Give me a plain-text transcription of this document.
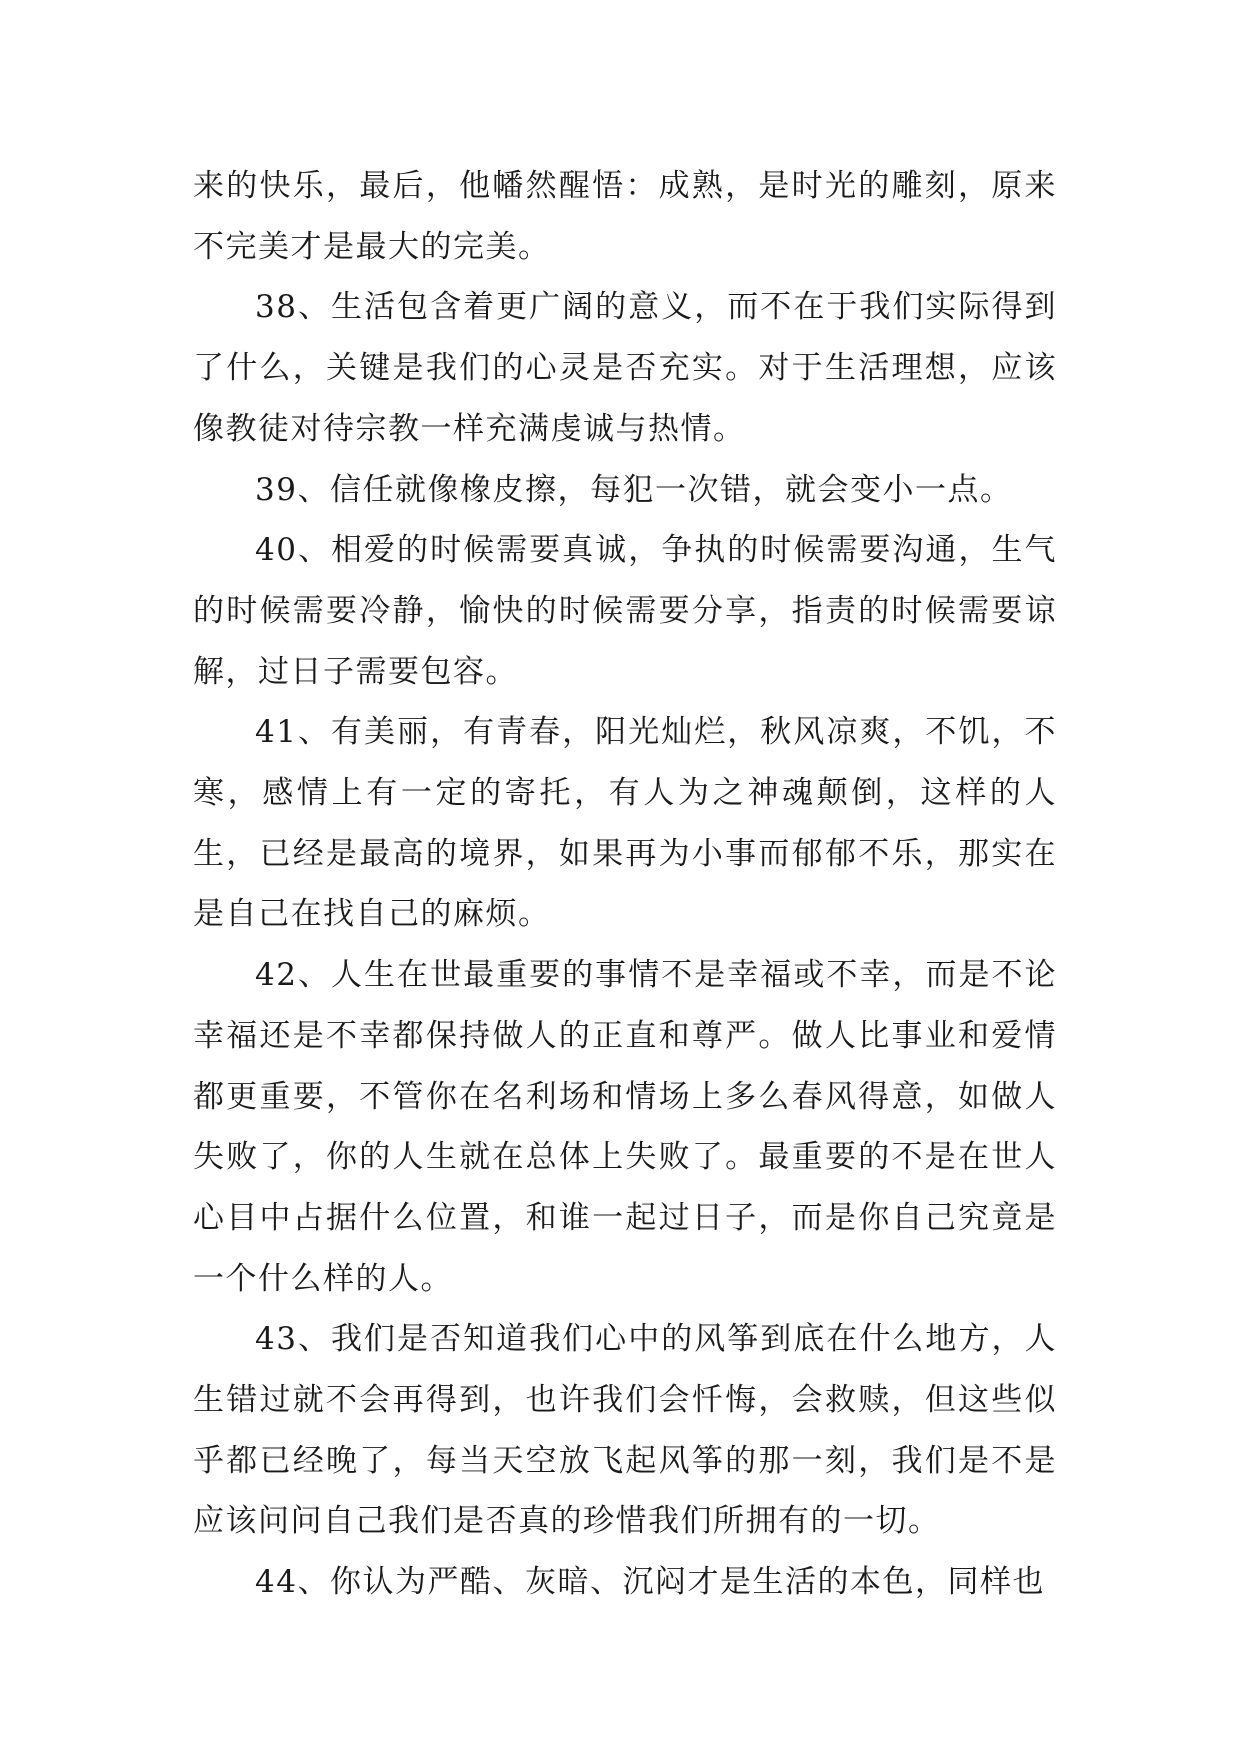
来的快乐，最后，他幡然醒悟：成熟，是时光的雕刻，原来不完美才是最大的完美。

38、生活包含着更广阔的意义，而不在于我们实际得到了什么，关键是我们的心灵是否充实。对于生活理想，应该像教徒对待宗教一样充满虔诚与热情。

39、信任就像橡皮擦，每犯一次错，就会变小一点。

40、相爱的时候需要真诚，争执的时候需要沟通，生气的时候需要冷静，愉快的时候需要分享，指责的时候需要谅解，过日子需要包容。

41、有美丽，有青春，阳光灿烂，秋风凉爽，不饥，不寒，感情上有一定的寄托，有人为之神魂颠倒，这样的人生，已经是最高的境界，如果再为小事而郁郁不乐，那实在是自己在找自己的麻烦。

42、人生在世最重要的事情不是幸福或不幸，而是不论幸福还是不幸都保持做人的正直和尊严。做人比事业和爱情都更重要，不管你在名利场和情场上多么春风得意，如做人失败了，你的人生就在总体上失败了。最重要的不是在世人心目中占据什么位置，和谁一起过日子，而是你自己究竟是一个什么样的人。

43、我们是否知道我们心中的风筝到底在什么地方，人生错过就不会再得到，也许我们会忏悔，会救赎，但这些似乎都已经晚了，每当天空放飞起风筝的那一刻，我们是不是应该问问自己我们是否真的珍惜我们所拥有的一切。

44、你认为严酷、灰暗、沉闷才是生活的本色，同样也
